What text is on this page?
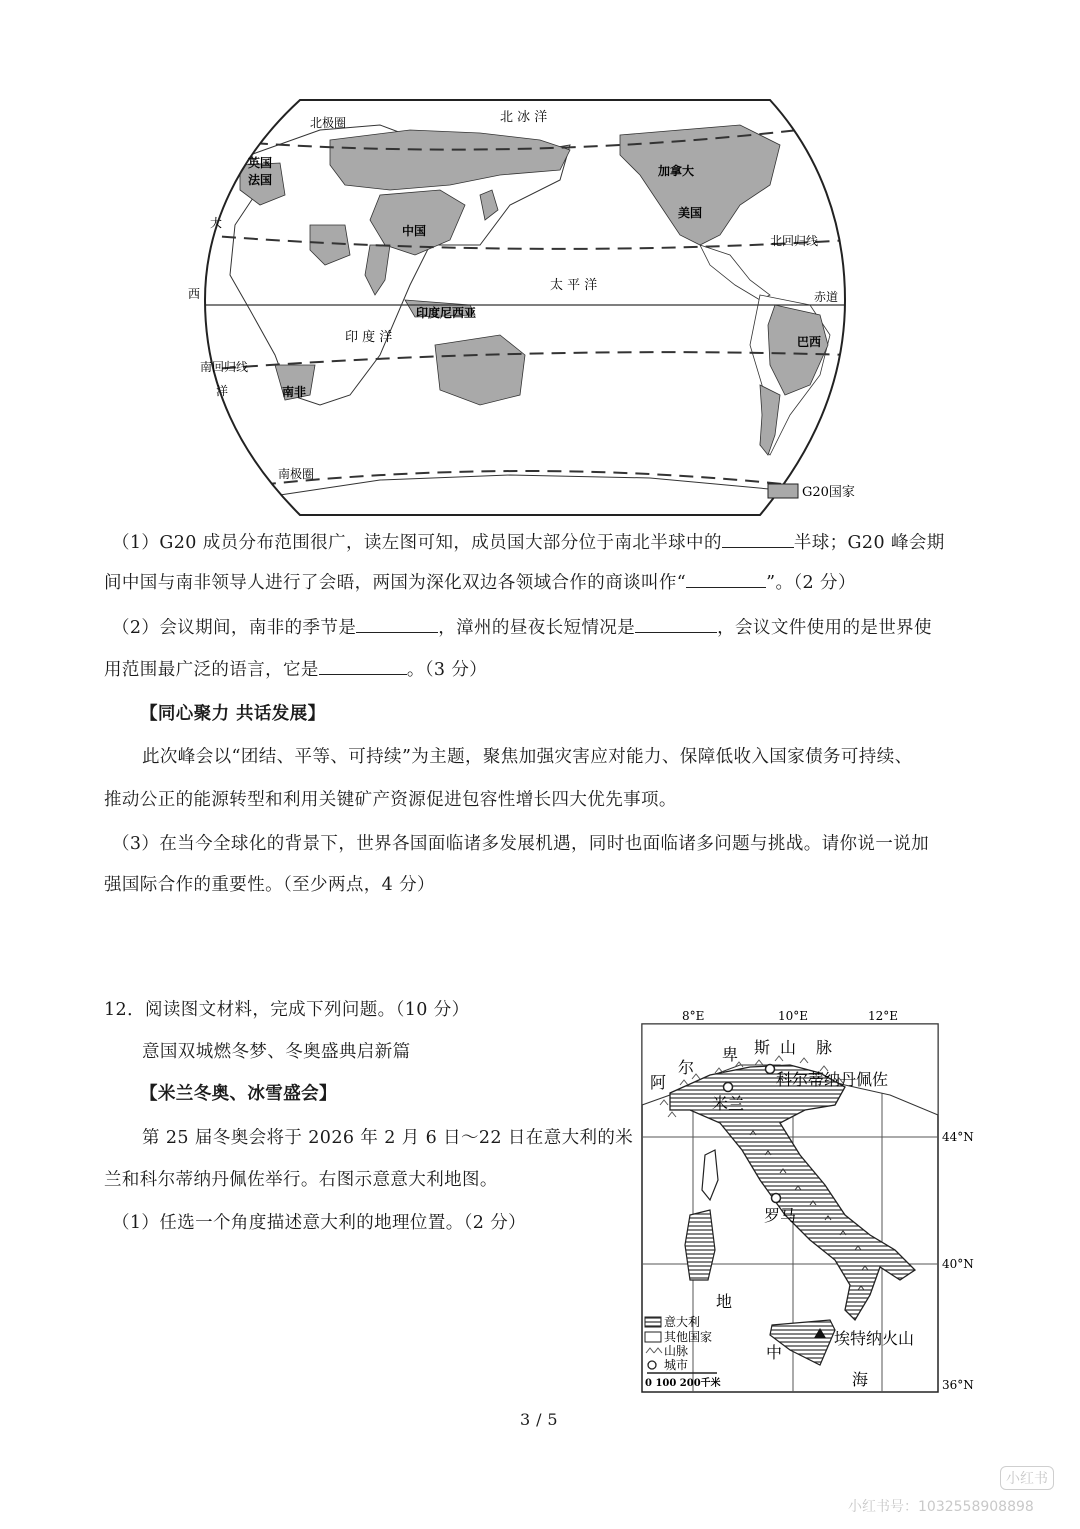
北 冰 洋
北极圈
英国
法国
大
西
洋
中国
加拿大
美国
北回归线
太 平 洋
赤道
印度尼西亚
印 度 洋	巴西
南回归线
南非
南极圈
G20国家
（1）G20 成员分布范围很广，读左图可知，成员国大部分位于南北半球中的	半球；G20 峰会期
间中国与南非领导人进行了会晤，两国为深化双边各领域合作的商谈叫作“	”。（2 分）
（2）会议期间，南非的季节是	，漳州的昼夜长短情况是	，会议文件使用的是世界使
用范围最广泛的语言，它是	。（3 分）
【同心聚力 共话发展】
此次峰会以“团结、平等、可持续”为主题，聚焦加强灾害应对能力、保障低收入国家债务可持续、
推动公正的能源转型和利用关键矿产资源促进包容性增长四大优先事项。
（3）在当今全球化的背景下，世界各国面临诸多发展机遇，同时也面临诸多问题与挑战。请你说一说加
强国际合作的重要性。（至少两点，4 分）
12．阅读图文材料，完成下列问题。（10 分）
意国双城燃冬梦、冬奥盛典启新篇
【米兰冬奥、冰雪盛会】
第 25 届冬奥会将于 2026 年 2 月 6 日～22 日在意大利的米
兰和科尔蒂纳丹佩佐举行。右图示意意大利地图。
（1）任选一个角度描述意大利的地理位置。（2 分）
8°E	10°E	12°E
44°N
40°N
36°N
阿
尔
卑 斯 山 脉
米兰
科尔蒂纳丹佩佐
罗马
埃特纳火山
地
中
海
意大利
其他国家
山脉
城市
0 100 200千米
3 / 5
小红书
小红书号：1032558908898
